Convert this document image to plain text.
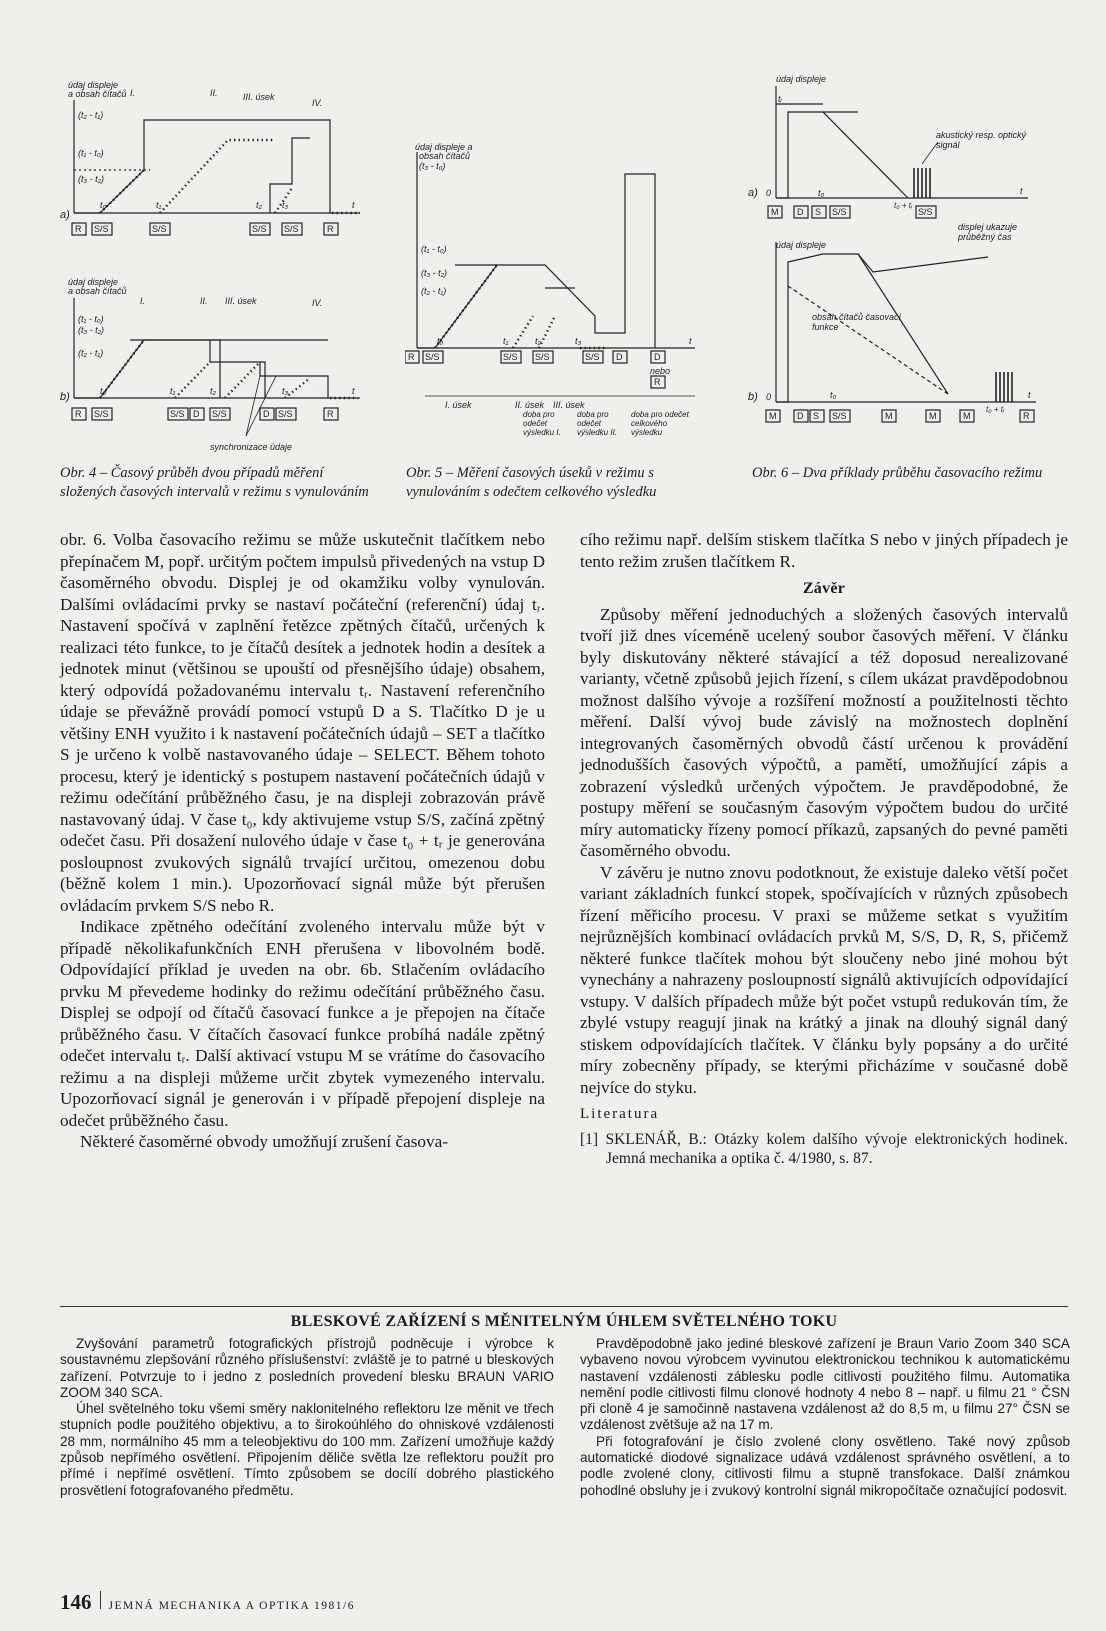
údaj displeje
a obsah čítačů I.	II.	III. úsek
IV.
(t₂ - t₁)
(t₁ - t₀)
(t₃ - t₂)
a)
t₀	t₁	t₂ t₃	t
R S/S	S/S	S/S S/S	R
údaj displeje
a obsah čítačů
I.	II. III. úsek	IV.
(t₁ - t₀)
(t₃ - t₂)
(t₂ - t₁)
b)	t₀	t₁	t₂	t₃	t
R S/S	S/S D S/S	D S/S	R
synchronizace údaje
údaj displeje a
obsah čítačů
(t₃ - t₀)
(t₁ - t₀)
(t₃ - t₂)
(t₂ - t₁)
t₀	t₁	t₂	t₃	t
R S/S	S/S S/S	S/S D	D
nebo
R
I. úsek	II. úsek III. úsek
doba pro odečet výsledku I.
doba pro odečet výsledku II.
doba pro odečet celkového výsledku
údaj displeje
tᵣ
akustický resp. optický signál
a) 0	t₀
t₀ + tᵣ
t
M D S S/S	S/S
údaj displeje
displej ukazuje průběžný čas
obsah čítačů časovací funkce
b) 0	t₀
t₀ + tᵣ
t
M D S S/S	M	M	M	R
Obr. 4 – Časový průběh dvou případů měření složených časových intervalů v režimu s vynulováním
Obr. 5 – Měření časových úseků v režimu s vynulováním s odečtem celkového výsledku
Obr. 6 – Dva příklady průběhu časovacího režimu

obr. 6. Volba časovacího režimu se může uskutečnit tlačítkem nebo přepínačem M, popř. určitým počtem impulsů přivedených na vstup D časoměrného obvodu. Displej je od okamžiku volby vynulován. Dalšími ovládacími prvky se nastaví počáteční (referenční) údaj tᵣ. Nastavení spočívá v zaplnění řetězce zpětných čítačů, určených k realizaci této funkce, to je čítačů desítek a jednotek hodin a desítek a jednotek minut (většinou se upouští od přesnějšího údaje) obsahem, který odpovídá požadovanému intervalu tᵣ. Nastavení referenčního údaje se převážně provádí pomocí vstupů D a S. Tlačítko D je u většiny ENH využito i k nastavení počátečních údajů – SET a tlačítko S je určeno k volbě nastavovaného údaje – SELECT. Během tohoto procesu, který je identický s postupem nastavení počátečních údajů v režimu odečítání průběžného času, je na displeji zobrazován právě nastavovaný údaj. V čase t₀, kdy aktivujeme vstup S/S, začíná zpětný odečet času. Při dosažení nulového údaje v čase t₀ + tᵣ je generována posloupnost zvukových signálů trvající určitou, omezenou dobu (běžně kolem 1 min.). Upozorňovací signál může být přerušen ovládacím prvkem S/S nebo R.

Indikace zpětného odečítání zvoleného intervalu může být v případě několikafunkčních ENH přerušena v libovolném bodě. Odpovídající příklad je uveden na obr. 6b. Stlačením ovládacího prvku M převedeme hodinky do režimu odečítání průběžného času. Displej se odpojí od čítačů časovací funkce a je přepojen na čítače průběžného času. V čítačích časovací funkce probíhá nadále zpětný odečet intervalu tᵣ. Další aktivací vstupu M se vrátíme do časovacího režimu a na displeji můžeme určit zbytek vymezeného intervalu. Upozorňovací signál je generován i v případě přepojení displeje na odečet průběžného času.

Některé časoměrné obvody umožňují zrušení časova-

cího režimu např. delším stiskem tlačítka S nebo v jiných případech je tento režim zrušen tlačítkem R.

Závěr

Způsoby měření jednoduchých a složených časových intervalů tvoří již dnes víceméně ucelený soubor časových měření. V článku byly diskutovány některé stávající a též doposud nerealizované varianty, včetně způsobů jejich řízení, s cílem ukázat pravděpodobnou možnost dalšího vývoje a rozšíření možností a použitelnosti těchto měření. Další vývoj bude závislý na možnostech doplnění integrovaných časoměrných obvodů částí určenou k provádění jednodušších časových výpočtů, a pamětí, umožňující zápis a zobrazení výsledků určených výpočtem. Je pravděpodobné, že postupy měření se současným časovým výpočtem budou do určité míry automaticky řízeny pomocí příkazů, zapsaných do pevné paměti časoměrného obvodu.

V závěru je nutno znovu podotknout, že existuje daleko větší počet variant základních funkcí stopek, spočívajících v různých způsobech řízení měřicího procesu. V praxi se můžeme setkat s využitím nejrůznějších kombinací ovládacích prvků M, S/S, D, R, S, přičemž některé funkce tlačítek mohou být sloučeny nebo jiné mohou být vynechány a nahrazeny posloupností signálů aktivujících odpovídající vstupy. V dalších případech může být počet vstupů redukován tím, že zbylé vstupy reagují jinak na krátký a jinak na dlouhý signál daný stiskem odpovídajících tlačítek. V článku byly popsány a do určité míry zobecněny případy, se kterými přicházíme v současné době nejvíce do styku.

Literatura

[1] SKLENÁŘ, B.: Otázky kolem dalšího vývoje elektronických hodinek. Jemná mechanika a optika č. 4/1980, s. 87.

BLESKOVÉ ZAŘÍZENÍ S MĚNITELNÝM ÚHLEM SVĚTELNÉHO TOKU

Zvyšování parametrů fotografických přístrojů podněcuje i výrobce k soustavnému zlepšování různého příslušenství: zvláště je to patrné u bleskových zařízení. Potvrzuje to i jedno z posledních provedení blesku BRAUN VARIO ZOOM 340 SCA.

Úhel světelného toku všemi směry naklonitelného reflektoru lze měnit ve třech stupních podle použitého objektivu, a to širokoúhlého do ohniskové vzdálenosti 28 mm, normálního 45 mm a teleobjektivu do 100 mm. Zařízení umožňuje každý způsob nepřímého osvětlení. Připojením děliče světla lze reflektoru použít pro přímé i nepřímé osvětlení. Tímto způsobem se docílí dobrého plastického prosvětlení fotografovaného předmětu.

Pravděpodobně jako jediné bleskové zařízení je Braun Vario Zoom 340 SCA vybaveno novou výrobcem vyvinutou elektronickou technikou k automatickému nastavení vzdálenosti záblesku podle citlivosti použitého filmu. Automatika nemění podle citlivosti filmu clonové hodnoty 4 nebo 8 – např. u filmu 21 ° ČSN při cloně 4 je samočinně nastavena vzdálenost až do 8,5 m, u filmu 27° ČSN se vzdálenost zvětšuje až na 17 m.

Při fotografování je číslo zvolené clony osvětleno. Také nový způsob automatické diodové signalizace udává vzdálenost správného osvětlení, a to podle zvolené clony, citlivosti filmu a stupně transfokace. Další známkou pohodlné obsluhy je i zvukový kontrolní signál mikropočítače označující podosvit.

146 JEMNÁ MECHANIKA A OPTIKA 1981/6
